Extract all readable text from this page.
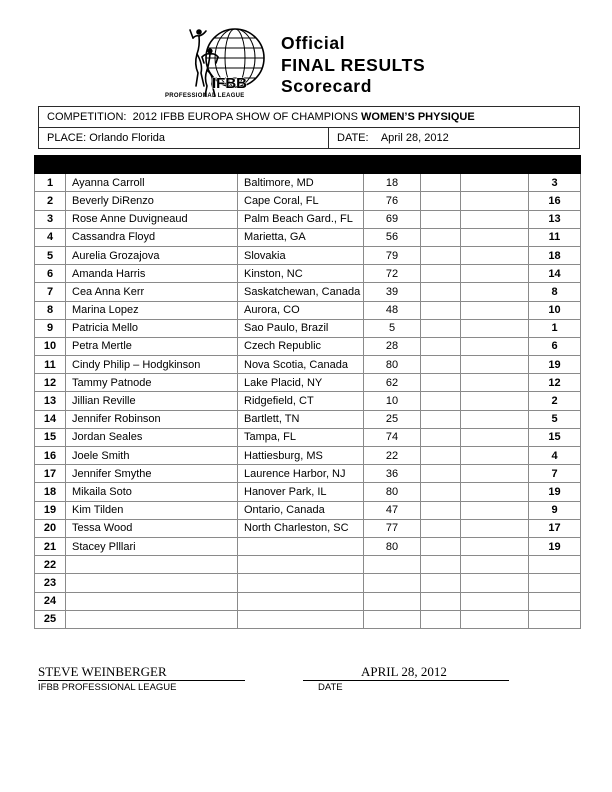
IFBB
PROFESSIONAL LEAGUE
Official
FINAL RESULTS
Scorecard
COMPETITION:
2012 IFBB EUROPA SHOW OF CHAMPIONS
WOMEN’S PHYSIQUE
PLACE:
Orlando Florida	DATE:
April 28, 2012

1	Ayanna Carroll	Baltimore, MD	18			3
2	Beverly DiRenzo	Cape Coral, FL	76			16
3	Rose Anne Duvigneaud	Palm Beach Gard., FL	69			13
4	Cassandra Floyd	Marietta, GA	56			11
5	Aurelia Grozajova	Slovakia	79			18
6	Amanda Harris	Kinston, NC	72			14
7	Cea Anna Kerr	Saskatchewan, Canada	39			8
8	Marina Lopez	Aurora, CO	48			10
9	Patricia Mello	Sao Paulo, Brazil	5			1
10	Petra Mertle	Czech Republic	28			6
11	Cindy Philip – Hodgkinson	Nova Scotia, Canada	80			19
12	Tammy Patnode	Lake Placid, NY	62			12
13	Jillian Reville	Ridgefield, CT	10			2
14	Jennifer Robinson	Bartlett, TN	25			5
15	Jordan Seales	Tampa, FL	74			15
16	Joele Smith	Hattiesburg, MS	22			4
17	Jennifer Smythe	Laurence Harbor, NJ	36			7
18	Mikaila Soto	Hanover Park, IL	80			19
19	Kim Tilden	Ontario, Canada	47			9
20	Tessa Wood	North Charleston, SC	77			17
21	Stacey Plllari		80			19
22						
23						
24						
25						
STEVE WEINBERGER	APRIL 28, 2012
IFBB PROFESSIONAL LEAGUE	DATE
